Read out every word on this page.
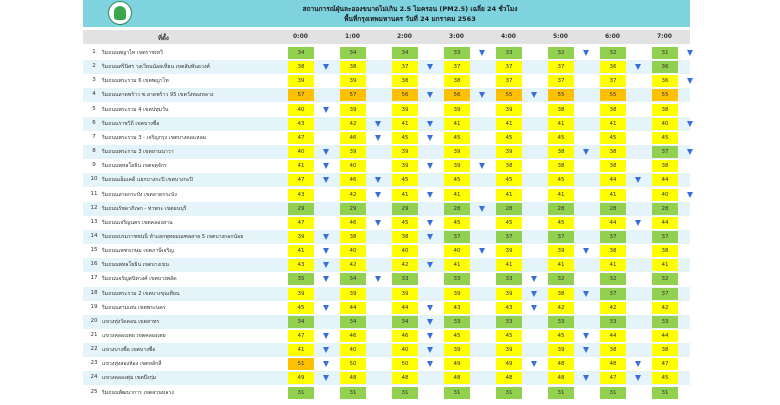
สถานการณ์ฝุ่นละอองขนาดไม่เกิน 2.5 ไมครอน (PM2.5) เฉลี่ย 24 ชั่วโมง
พื้นที่กรุงเทพมหานคร วันที่ 24 มกราคม 2563
ที่ตั้ง	0:00	1:00	2:00	3:00	4:00	5:00	6:00	7:00
1	ริมถนนพญาไท เขตราชเทวี	34	34	34	33	33	32	32	31
2	ริมถนนศรีนิศร วงเวียนน้อยเทียน เขตสัมพันธวงศ์	38	38	37	37	37	37	36	36
3	ริมถนนพระราม 6 เขตพญาไท	39	39	38	38	37	37	37	36
4	ริมถนนลาดพร้าว ซ.ลาดพร้าว 95 เขตวังทองหลาง	57	57	56	56	55	55	55	55
5	ริมถนนพระราม 4 เขตปทุมวัน	40	39	39	39	39	38	38	38
6	ริมถนนราชวิถี เขตบางซื่อ	43	42	41	41	41	41	41	40
7	ริมถนนพระราม 3 - เจริญกรุง เขตบางคอแหลม	47	46	45	45	45	45	45	45
8	ริมถนนพระราม 3 เขตยานนาวา	40	39	39	39	39	38	38	37
9	ริมถนนพหลโยธิน เขตจตุจักร	41	40	39	39	38	38	38	38
10 ริมถนนเอ็มเคดี แยกบางกะปิ เขตบางกะปิ	47	46	45	45	45	45	44	44
11 ริมถนนลาดกระบัง เขตลาดกระบัง	43	42	41	41	41	41	41	40
12 ริมถนนรัชดาภิเษก - ท่าพระ เขตธนบุรี	29	29	29	28	28	28	28	28
13 ริมถนนเจริญนคร เขตคลองสาน	47	46	45	45	45	45	44	44
14 ริมถนนบรมราชชนนี ห้าแยกพุทธมณฑลสาย 5 เขตบางกอกน้อย	39	38	38	37	37	37	37	37
15 ริมถนนเพชรเกษม เขตภาษีเจริญ	41	40	40	40	39	39	38	38
16 ริมถนนพหลโยธิน เขตบางเขน	43	42	42	41	41	41	41	41
17 ริมถนนจรัญสนิทวงศ์ เขตบางพลัด	35	34	33	33	33	32	32	32
18 ริมถนนพระราม 2 เขตบางขุนเทียน	39	39	39	39	39	38	37	37
19 ริมถนนสามเสน เขตพระนคร	45	44	44	43	43	42	42	42
20 แขวงทุ่งวัดดอน เขตสาทร	34	34	34	33	33	33	33	33
21 แขวงคลองเตย เขตคลองเตย	47	46	46	45	45	45	44	44
22 แขวงบางซื่อ เขตบางซื่อ	41	40	40	39	39	39	38	38
23 แขวงทุ่งสองห้อง เขตหลักสี่	51	50	50	49	49	48	48	47
24 แขวงคลองตุ่ม เขตบึงกุ่ม	49	48	48	48	48	48	47	45
25 ริมถนนพัฒนาการ เขตสวนหลวง	31	31	31	31	31	31	31	31
